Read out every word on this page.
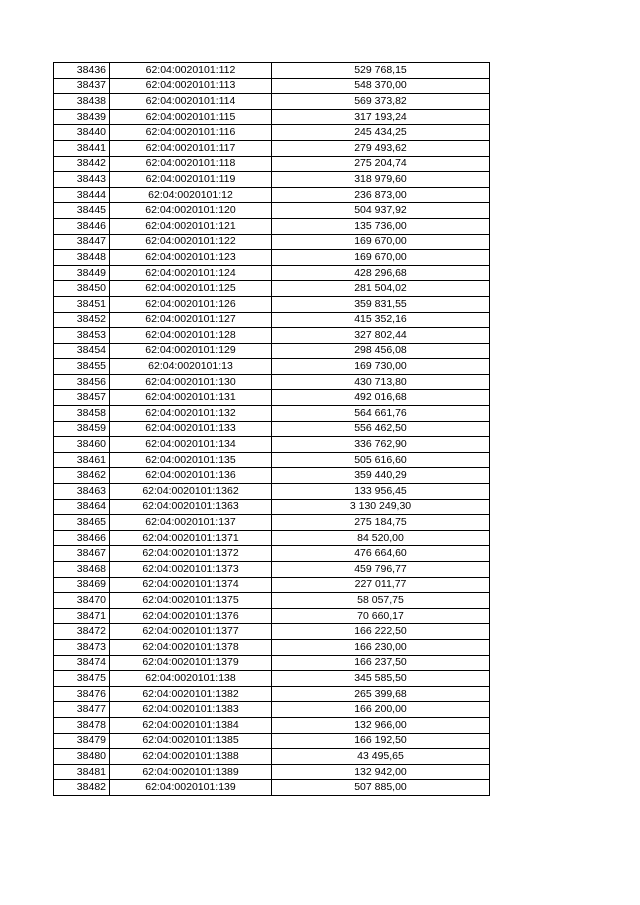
38436	62:04:0020101:112	529 768,15
38437	62:04:0020101:113	548 370,00
38438	62:04:0020101:114	569 373,82
38439	62:04:0020101:115	317 193,24
38440	62:04:0020101:116	245 434,25
38441	62:04:0020101:117	279 493,62
38442	62:04:0020101:118	275 204,74
38443	62:04:0020101:119	318 979,60
38444	62:04:0020101:12	236 873,00
38445	62:04:0020101:120	504 937,92
38446	62:04:0020101:121	135 736,00
38447	62:04:0020101:122	169 670,00
38448	62:04:0020101:123	169 670,00
38449	62:04:0020101:124	428 296,68
38450	62:04:0020101:125	281 504,02
38451	62:04:0020101:126	359 831,55
38452	62:04:0020101:127	415 352,16
38453	62:04:0020101:128	327 802,44
38454	62:04:0020101:129	298 456,08
38455	62:04:0020101:13	169 730,00
38456	62:04:0020101:130	430 713,80
38457	62:04:0020101:131	492 016,68
38458	62:04:0020101:132	564 661,76
38459	62:04:0020101:133	556 462,50
38460	62:04:0020101:134	336 762,90
38461	62:04:0020101:135	505 616,60
38462	62:04:0020101:136	359 440,29
38463	62:04:0020101:1362	133 956,45
38464	62:04:0020101:1363	3 130 249,30
38465	62:04:0020101:137	275 184,75
38466	62:04:0020101:1371	84 520,00
38467	62:04:0020101:1372	476 664,60
38468	62:04:0020101:1373	459 796,77
38469	62:04:0020101:1374	227 011,77
38470	62:04:0020101:1375	58 057,75
38471	62:04:0020101:1376	70 660,17
38472	62:04:0020101:1377	166 222,50
38473	62:04:0020101:1378	166 230,00
38474	62:04:0020101:1379	166 237,50
38475	62:04:0020101:138	345 585,50
38476	62:04:0020101:1382	265 399,68
38477	62:04:0020101:1383	166 200,00
38478	62:04:0020101:1384	132 966,00
38479	62:04:0020101:1385	166 192,50
38480	62:04:0020101:1388	43 495,65
38481	62:04:0020101:1389	132 942,00
38482	62:04:0020101:139	507 885,00
